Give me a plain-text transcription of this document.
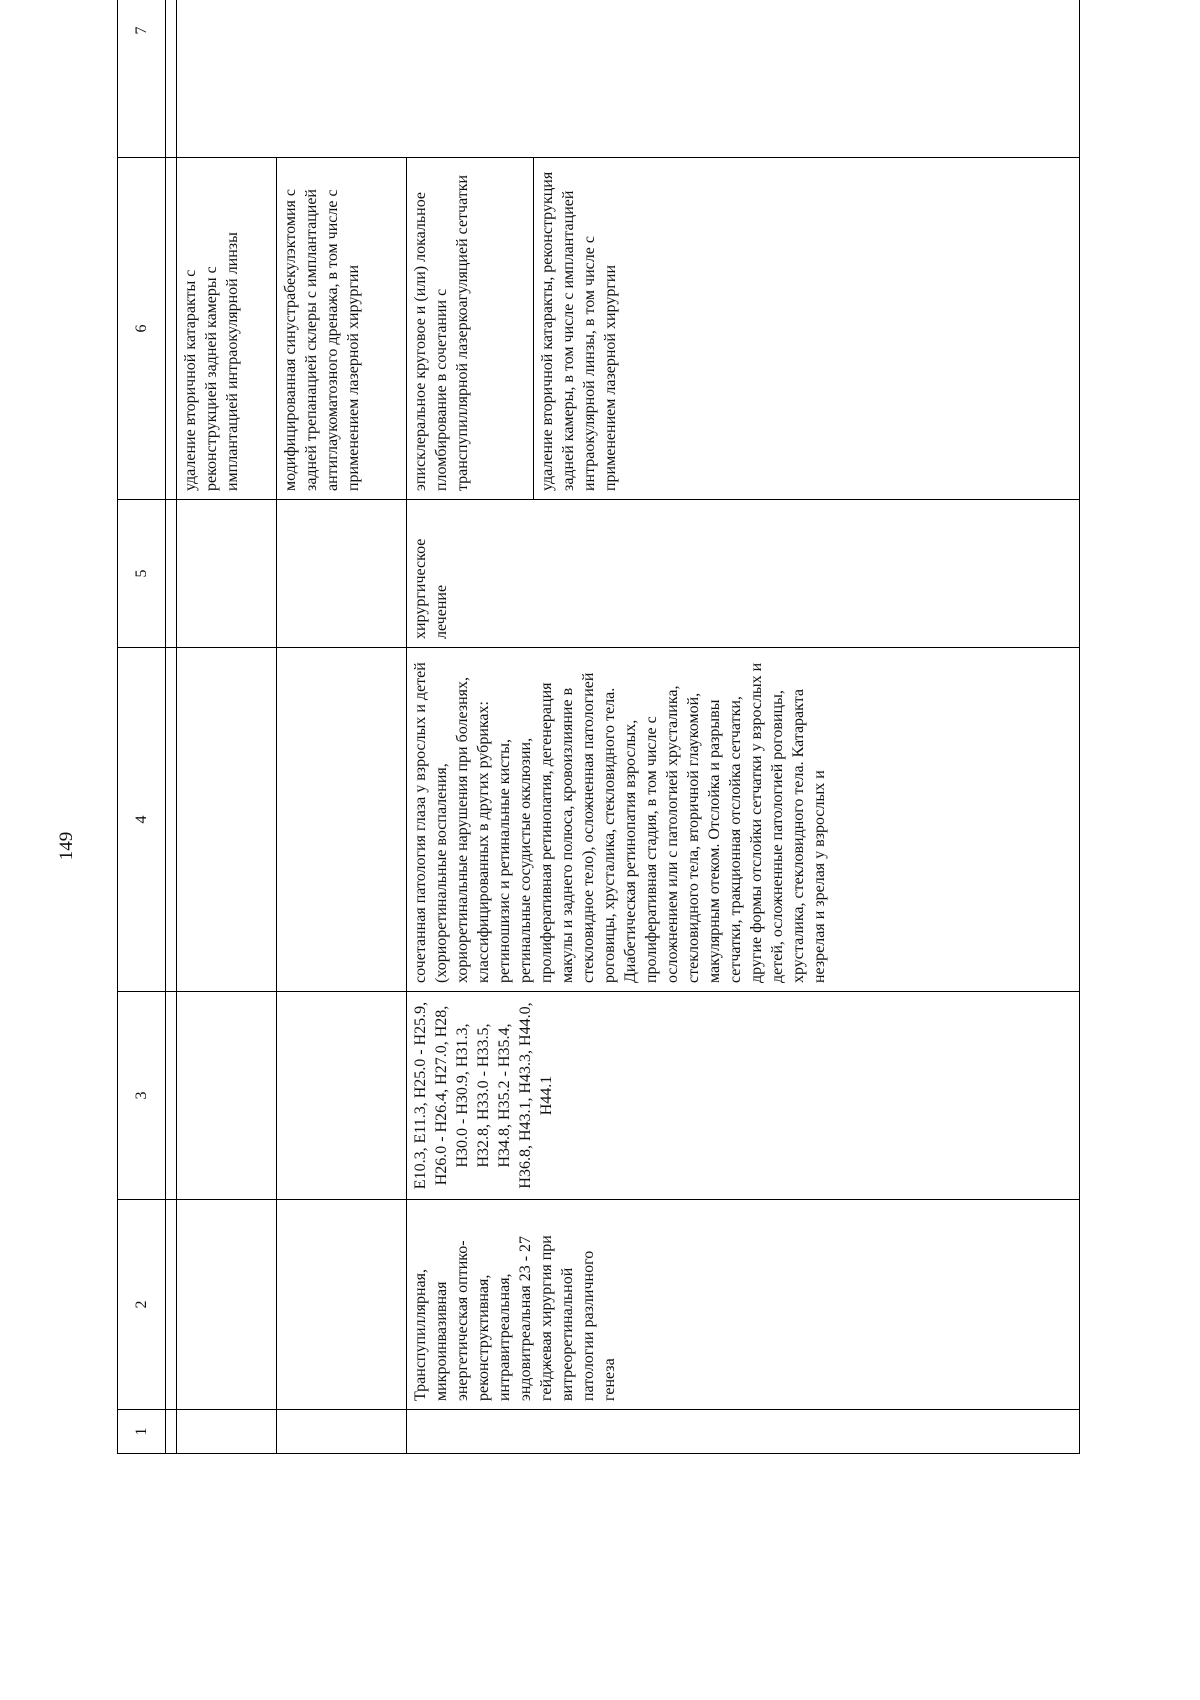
149
1	2	3	4	5	6	7

					удаление вторичной катаракты с реконструкцией задней камеры с имплантацией интраокулярной линзы	
					модифицированная синустрабекулэктомия с задней трепанацией склеры с имплантацией антиглаукоматозного дренажа, в том числе с применением лазерной хирургии	
	Транспупиллярная, микроинвазивная энергетическая оптико-реконструктивная, интравитреальная, эндовитреальная 23 - 27 гейджевая хирургия при витреоретинальной патологии различного генеза	E10.3, E11.3, H25.0 - H25.9, H26.0 - H26.4, H27.0, H28, H30.0 - H30.9, H31.3, H32.8, H33.0 - H33.5, H34.8, H35.2 - H35.4, H36.8, H43.1, H43.3, H44.0, H44.1	сочетанная патология глаза у взрослых и детей (хориоретинальные воспаления, хориоретинальные нарушения при болезнях, классифицированных в других рубриках: ретиношизис и ретинальные кисты, ретинальные сосудистые окклюзии, пролиферативная ретинопатия, дегенерация макулы и заднего полюса, кровоизлияние в стекловидное тело), осложненная патологией роговицы, хрусталика, стекловидного тела. Диабетическая ретинопатия взрослых, пролиферативная стадия, в том числе с осложнением или с патологией хрусталика, стекловидного тела, вторичной глаукомой, макулярным отеком. Отслойка и разрывы сетчатки, тракционная отслойка сетчатки, другие формы отслойки сетчатки у взрослых и детей, осложненные патологией роговицы, хрусталика, стекловидного тела. Катаракта незрелая и зрелая у взрослых и	хирургическое лечение	эписклеральное круговое и (или) локальное пломбирование в сочетании с транспупиллярной лазеркоагуляцией сетчатки	
					удаление вторичной катаракты, реконструкция задней камеры, в том числе с имплантацией интраокулярной линзы, в том числе с применением лазерной хирургии	
